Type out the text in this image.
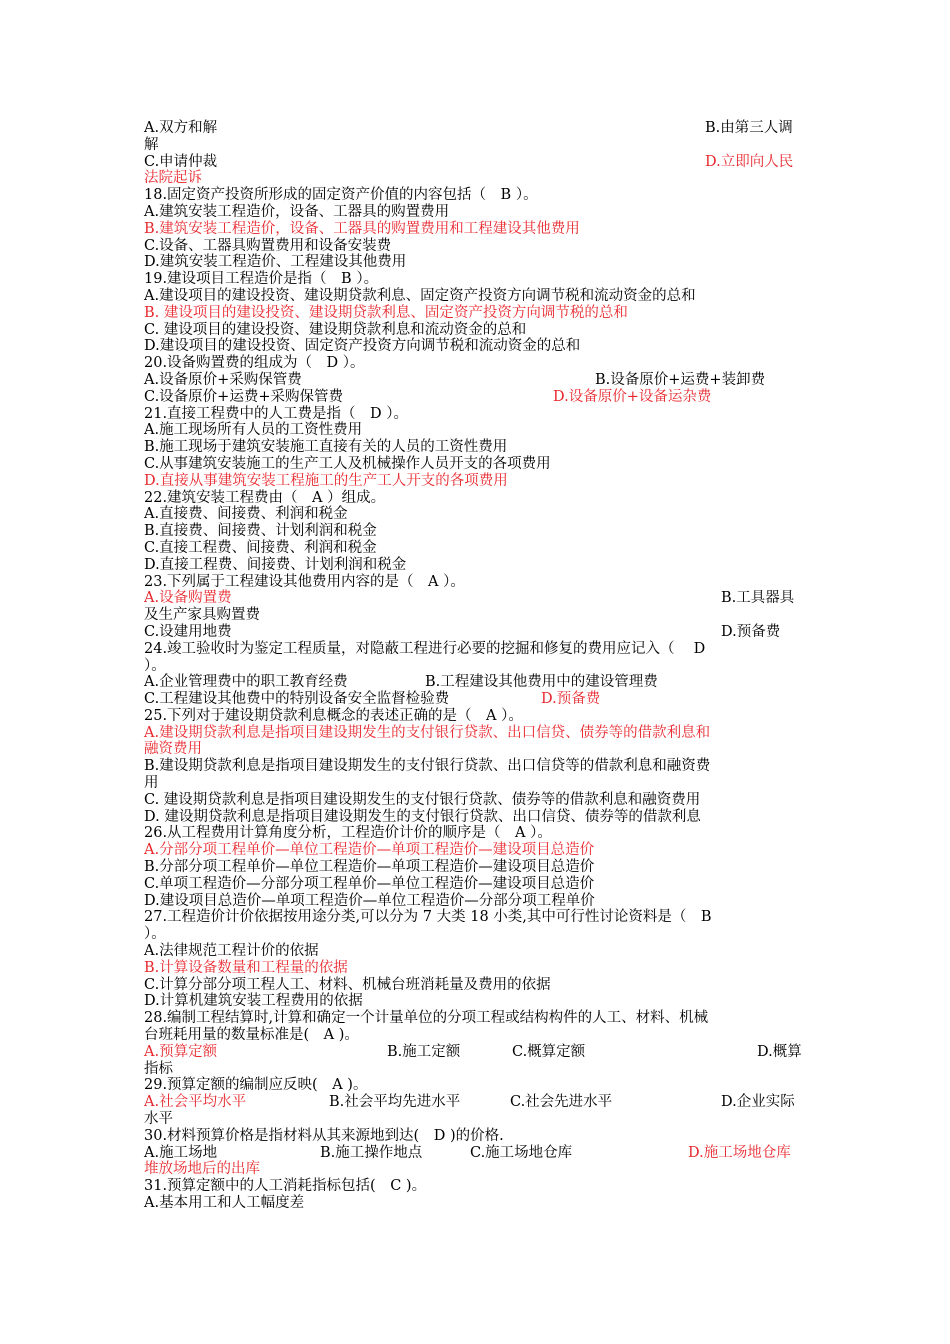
A.双方和解	B.由第三人调
解
C.申请仲裁	D.立即向人民
法院起诉
18.固定资产投资所形成的固定资产价值的内容包括（　B ）。
A.建筑安装工程造价，设备、工器具的购置费用
B.建筑安装工程造价，设备、工器具的购置费用和工程建设其他费用
C.设备、工器具购置费用和设备安装费
D.建筑安装工程造价、工程建设其他费用
19.建设项目工程造价是指（　B ）。
A.建设项目的建设投资、建设期贷款利息、固定资产投资方向调节税和流动资金的总和
B. 建设项目的建设投资、建设期贷款利息、固定资产投资方向调节税的总和
C. 建设项目的建设投资、建设期贷款利息和流动资金的总和
D.建设项目的建设投资、固定资产投资方向调节税和流动资金的总和
20.设备购置费的组成为（　D ）。
A.设备原价+采购保管费	B.设备原价+运费+装卸费
C.设备原价+运费+采购保管费	D.设备原价+设备运杂费
21.直接工程费中的人工费是指（　D ）。
A.施工现场所有人员的工资性费用
B.施工现场于建筑安装施工直接有关的人员的工资性费用
C.从事建筑安装施工的生产工人及机械操作人员开支的各项费用
D.直接从事建筑安装工程施工的生产工人开支的各项费用
22.建筑安装工程费由（　A ）组成。
A.直接费、间接费、利润和税金
B.直接费、间接费、计划利润和税金
C.直接工程费、间接费、利润和税金
D.直接工程费、间接费、计划利润和税金
23.下列属于工程建设其他费用内容的是（　A ）。
A.设备购置费	B.工具器具
及生产家具购置费
C.设建用地费	D.预备费
24.竣工验收时为鉴定工程质量，对隐蔽工程进行必要的挖掘和修复的费用应记入（　 D
）。
A.企业管理费中的职工教育经费	B.工程建设其他费用中的建设管理费
C.工程建设其他费中的特别设备安全监督检验费	D.预备费
25.下列对于建设期贷款利息概念的表述正确的是（　A ）。
A.建设期贷款利息是指项目建设期发生的支付银行贷款、出口信贷、债券等的借款利息和
融资费用
B.建设期贷款利息是指项目建设期发生的支付银行贷款、出口信贷等的借款利息和融资费
用
C. 建设期贷款利息是指项目建设期发生的支付银行贷款、债券等的借款利息和融资费用
D. 建设期贷款利息是指项目建设期发生的支付银行贷款、出口信贷、债券等的借款利息
26.从工程费用计算角度分析，工程造价计价的顺序是（　A ）。
A.分部分项工程单价—单位工程造价—单项工程造价—建设项目总造价
B.分部分项工程单价—单位工程造价—单项工程造价—建设项目总造价
C.单项工程造价—分部分项工程单价—单位工程造价—建设项目总造价
D.建设项目总造价—单项工程造价—单位工程造价—分部分项工程单价
27.工程造价计价依据按用途分类,可以分为 7 大类 18 小类,其中可行性讨论资料是（　B
）。
A.法律规范工程计价的依据
B.计算设备数量和工程量的依据
C.计算分部分项工程人工、材料、机械台班消耗量及费用的依据
D.计算机建筑安装工程费用的依据
28.编制工程结算时,计算和确定一个计量单位的分项工程或结构构件的人工、材料、机械
台班耗用量的数量标准是(　A )。
A.预算定额	B.施工定额	C.概算定额	D.概算
指标
29.预算定额的编制应反映(　A )。
A.社会平均水平	B.社会平均先进水平	C.社会先进水平	D.企业实际
水平
30.材料预算价格是指材料从其来源地到达(　D )的价格.
A.施工场地	B.施工操作地点	C.施工场地仓库	D.施工场地仓库
堆放场地后的出库
31.预算定额中的人工消耗指标包括(　C )。
A.基本用工和人工幅度差
